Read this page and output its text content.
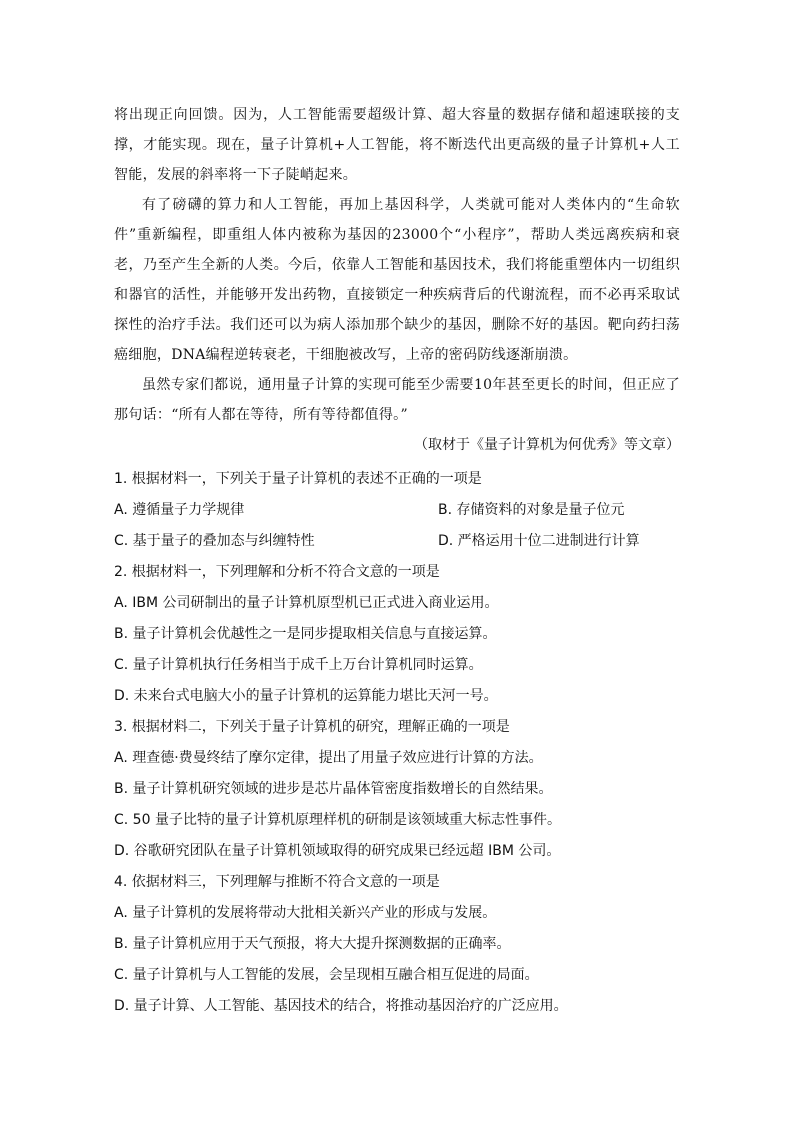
将出现正向回馈。因为，人工智能需要超级计算、超大容量的数据存储和超速联接的支撑，才能实现。现在，量子计算机+人工智能，将不断迭代出更高级的量子计算机+人工智能，发展的斜率将一下子陡峭起来。

有了磅礴的算力和人工智能，再加上基因科学，人类就可能对人类体内的“生命软件”重新编程，即重组人体内被称为基因的23000个“小程序”，帮助人类远离疾病和衰老，乃至产生全新的人类。今后，依靠人工智能和基因技术，我们将能重塑体内一切组织和器官的活性，并能够开发出药物，直接锁定一种疾病背后的代谢流程，而不必再采取试探性的治疗手法。我们还可以为病人添加那个缺少的基因，删除不好的基因。靶向药扫荡癌细胞，DNA编程逆转衰老，干细胞被改写，上帝的密码防线逐渐崩溃。

虽然专家们都说，通用量子计算的实现可能至少需要10年甚至更长的时间，但正应了那句话：“所有人都在等待，所有等待都值得。”

（取材于《量子计算机为何优秀》等文章）

1. 根据材料一，下列关于量子计算机的表述不正确的一项是

A. 遵循量子力学规律	B. 存储资料的对象是量子位元
C. 基于量子的叠加态与纠缠特性	D. 严格运用十位二进制进行计算

2. 根据材料一，下列理解和分析不符合文意的一项是

A. IBM 公司研制出的量子计算机原型机已正式进入商业运用。

B. 量子计算机会优越性之一是同步提取相关信息与直接运算。

C. 量子计算机执行任务相当于成千上万台计算机同时运算。

D. 未来台式电脑大小的量子计算机的运算能力堪比天河一号。

3. 根据材料二，下列关于量子计算机的研究，理解正确的一项是

A. 理查德·费曼终结了摩尔定律，提出了用量子效应进行计算的方法。

B. 量子计算机研究领域的进步是芯片晶体管密度指数增长的自然结果。

C. 50 量子比特的量子计算机原理样机的研制是该领域重大标志性事件。

D. 谷歌研究团队在量子计算机领域取得的研究成果已经远超 IBM 公司。

4. 依据材料三，下列理解与推断不符合文意的一项是

A. 量子计算机的发展将带动大批相关新兴产业的形成与发展。

B. 量子计算机应用于天气预报，将大大提升探测数据的正确率。

C. 量子计算机与人工智能的发展，会呈现相互融合相互促进的局面。

D. 量子计算、人工智能、基因技术的结合，将推动基因治疗的广泛应用。
